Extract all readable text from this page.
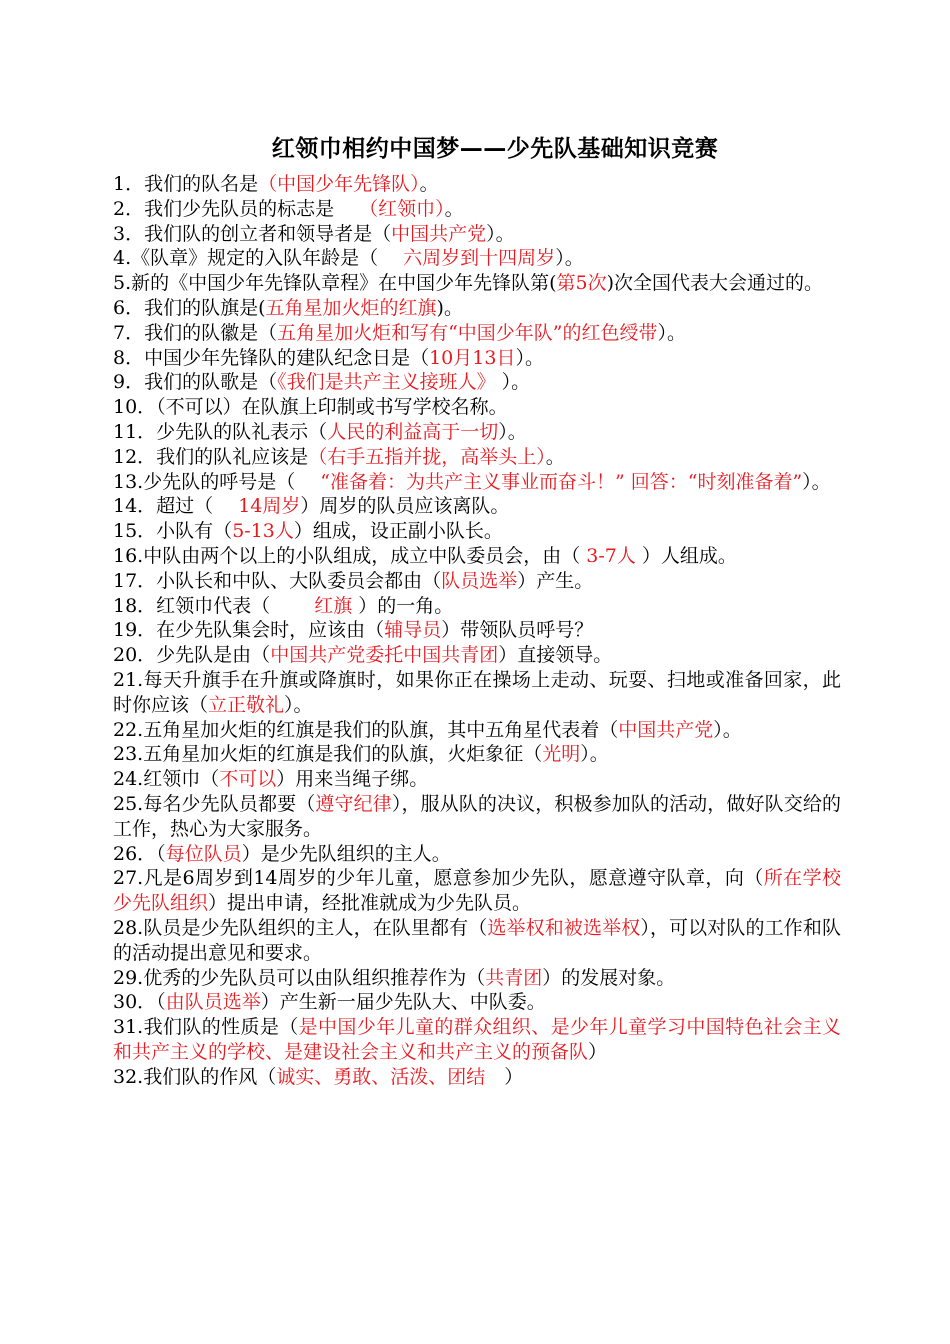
红领巾相约中国梦——少先队基础知识竞赛

1．我们的队名是（中国少年先锋队）。

2．我们少先队员的标志是　 （红领巾）。

3．我们队的创立者和领导者是（中国共产党）。

4.《队章》规定的入队年龄是（ 　六周岁到十四周岁）。

5.新的《中国少年先锋队章程》在中国少年先锋队第(第5次)次全国代表大会通过的。

6．我们的队旗是(五角星加火炬的红旗)。

7．我们的队徽是（五角星加火炬和写有“中国少年队”的红色绶带）。

8．中国少年先锋队的建队纪念日是（10月13日）。

9．我们的队歌是（《我们是共产主义接班人》 ）。

10．（不可以）在队旗上印制或书写学校名称。

11．少先队的队礼表示（人民的利益高于一切）。

12．我们的队礼应该是（右手五指并拢，高举头上）。

13.少先队的呼号是（　 “准备着：为共产主义事业而奋斗！” 回答：“时刻准备着”）。

14．超过（ 　14周岁）周岁的队员应该离队。

15．小队有（5-13人）组成，设正副小队长。

16.中队由两个以上的小队组成，成立中队委员会，由（ 3-7人 ）人组成。

17．小队长和中队、大队委员会都由（队员选举）产生。

18．红领巾代表（ 　　红旗 ）的一角。

19．在少先队集会时，应该由（辅导员）带领队员呼号？

20．少先队是由（中国共产党委托中国共青团）直接领导。

21.每天升旗手在升旗或降旗时，如果你正在操场上走动、玩耍、扫地或准备回家，此时你应该（立正敬礼）。

22.五角星加火炬的红旗是我们的队旗，其中五角星代表着（中国共产党）。

23.五角星加火炬的红旗是我们的队旗，火炬象征（光明）。

24.红领巾（不可以）用来当绳子绑。

25.每名少先队员都要（遵守纪律），服从队的决议，积极参加队的活动，做好队交给的工作，热心为大家服务。

26．（每位队员）是少先队组织的主人。

27.凡是6周岁到14周岁的少年儿童，愿意参加少先队，愿意遵守队章，向（所在学校少先队组织）提出申请，经批准就成为少先队员。

28.队员是少先队组织的主人，在队里都有（选举权和被选举权），可以对队的工作和队的活动提出意见和要求。

29.优秀的少先队员可以由队组织推荐作为（共青团）的发展对象。

30．（由队员选举）产生新一届少先队大、中队委。

31.我们队的性质是（是中国少年儿童的群众组织、是少年儿童学习中国特色社会主义和共产主义的学校、是建设社会主义和共产主义的预备队）

32.我们队的作风（诚实、勇敢、活泼、团结　）
